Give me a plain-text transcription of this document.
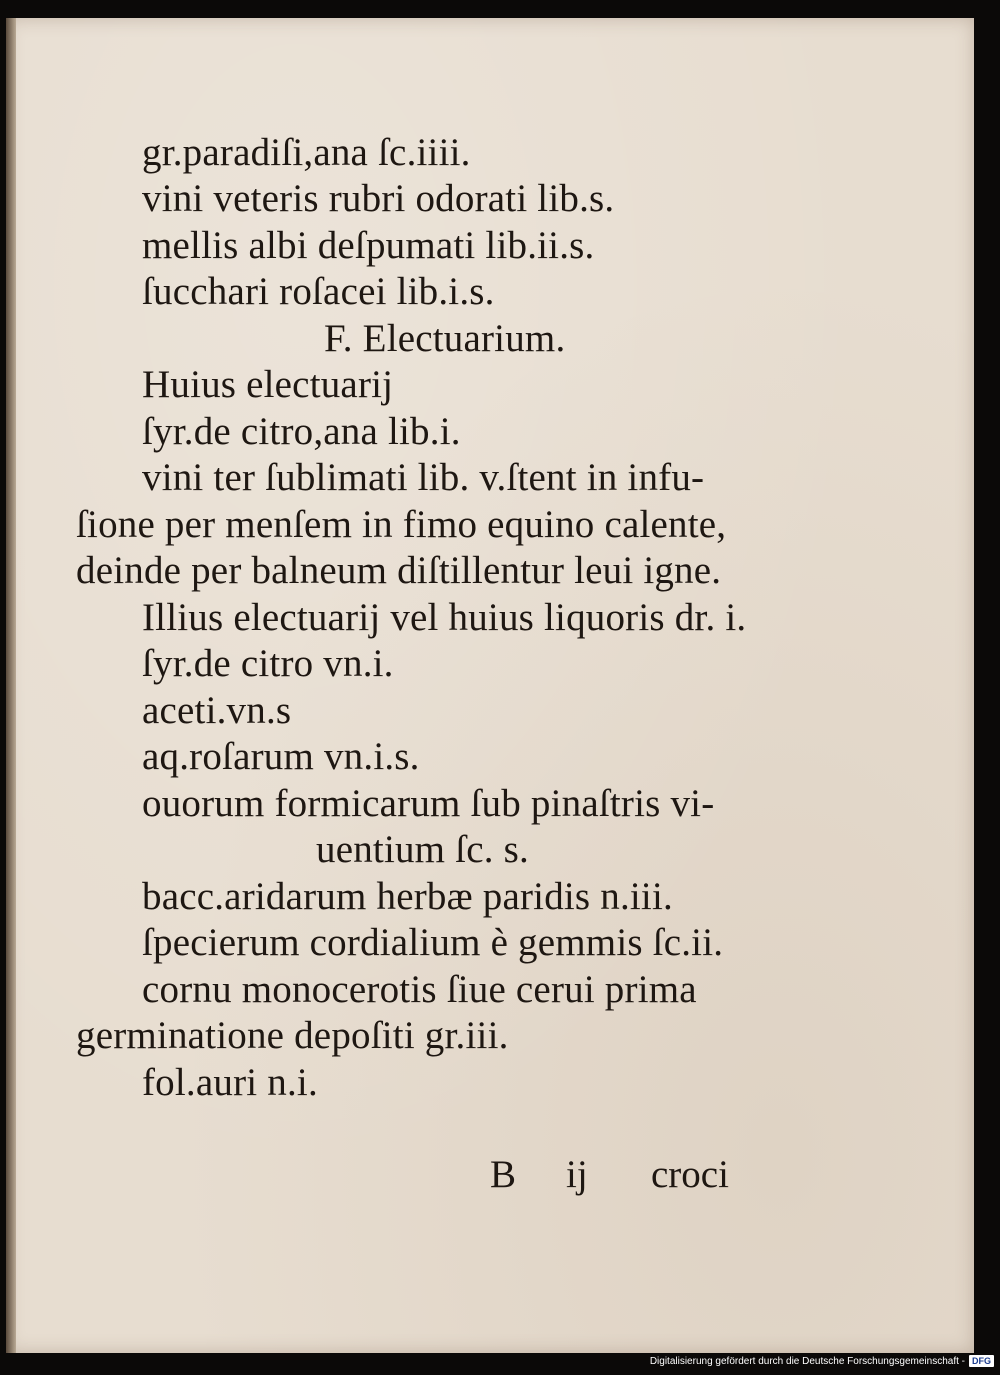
gr.paradiſi,ana ſc.iiii.
vini veteris rubri odorati lib.s.
mellis albi deſpumati lib.ii.s.
ſucchari roſacei lib.i.s.
F. Electuarium.
Huius electuarij
ſyr.de citro,ana lib.i.
vini ter ſublimati lib. v.ſtent in infu-
ſione per menſem in fimo equino calente,
deinde per balneum diſtillentur leui igne.
Illius electuarij vel huius liquoris dr. i.
ſyr.de citro vn.i.
aceti.vn.s
aq.roſarum vn.i.s.
ouorum formicarum ſub pinaſtris vi-
uentium ſc. s.
bacc.aridarum herbæ paridis n.iii.
ſpecierum cordialium è gemmis ſc.ii.
cornu monocerotis ſiue cerui prima
germinatione depoſiti gr.iii.
fol.auri n.i.
B ij croci
Digitalisierung gefördert durch die Deutsche Forschungsgemeinschaft - DFG
